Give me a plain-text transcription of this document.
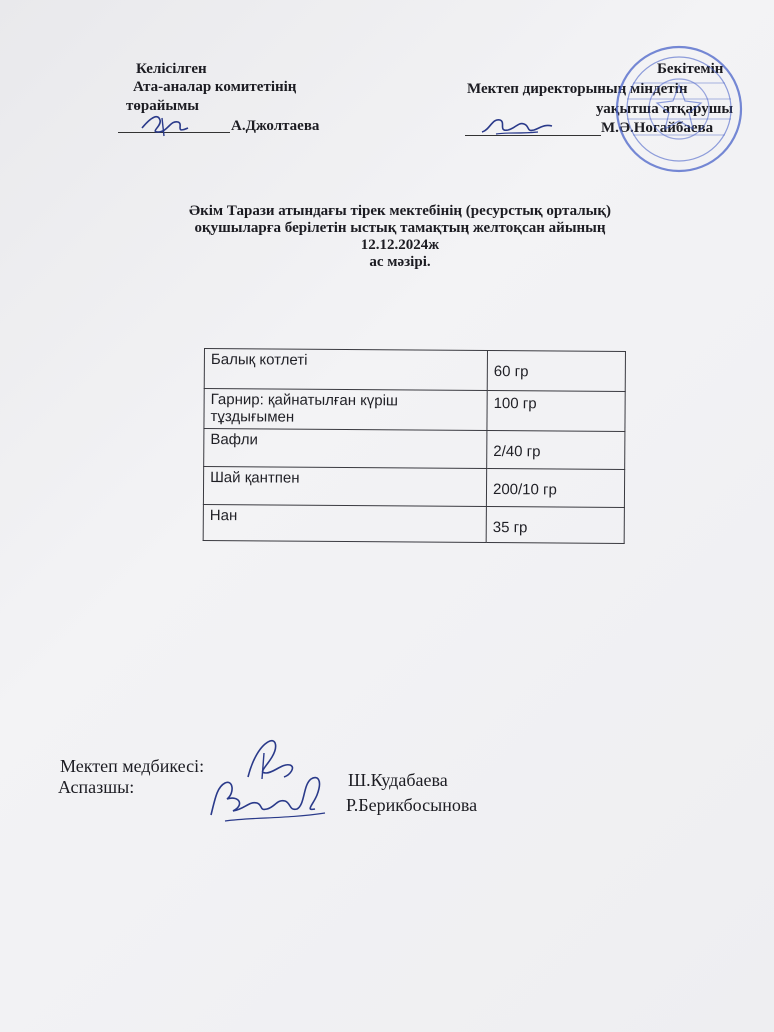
Келісілген
Ата-аналар комитетінің
төрайымы
А.Джолтаева
Бекітемін
Мектеп директорының міндетін
уақытша атқарушы
М.Ә.Ногайбаева
Әкім Тарази атындағы тірек мектебінің (ресурстық орталық)
оқушыларға берілетін ыстық тамақтың желтоқсан айының
12.12.2024ж
ас мәзірі.
Балық котлеті	60 гр
Гарнир: қайнатылған күріш тұздығымен	100 гр
Вафли	2/40 гр
Шай қантпен	200/10 гр
Нан	35 гр
Мектеп медбикесі:
Аспазшы:	Ш.Кудабаева
Р.Берикбосынова
